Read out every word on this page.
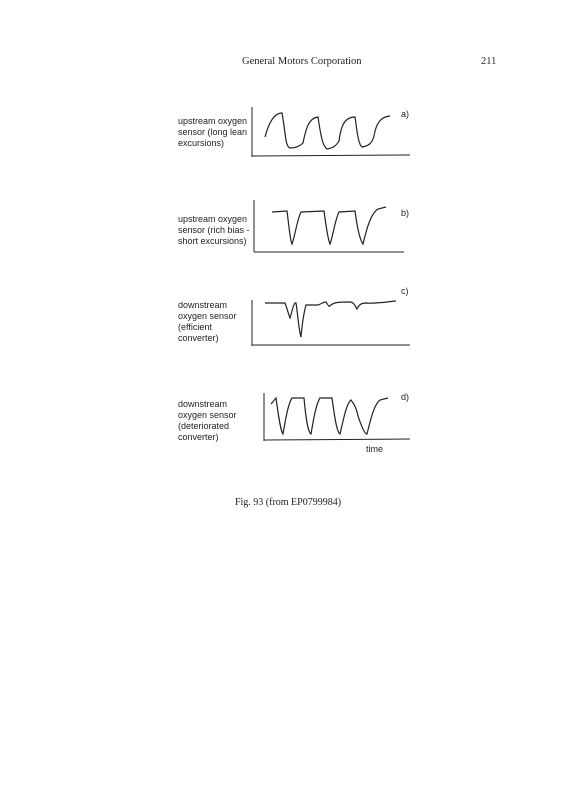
General Motors Corporation	211
upstream oxygen
sensor (long lean
excursions)
a)
upstream oxygen
sensor (rich bias -
short excursions)
b)
downstream
oxygen sensor
(efficient
converter)
c)
downstream
oxygen sensor
(deteriorated
converter)
d)
time
Fig. 93 (from EP0799984)
